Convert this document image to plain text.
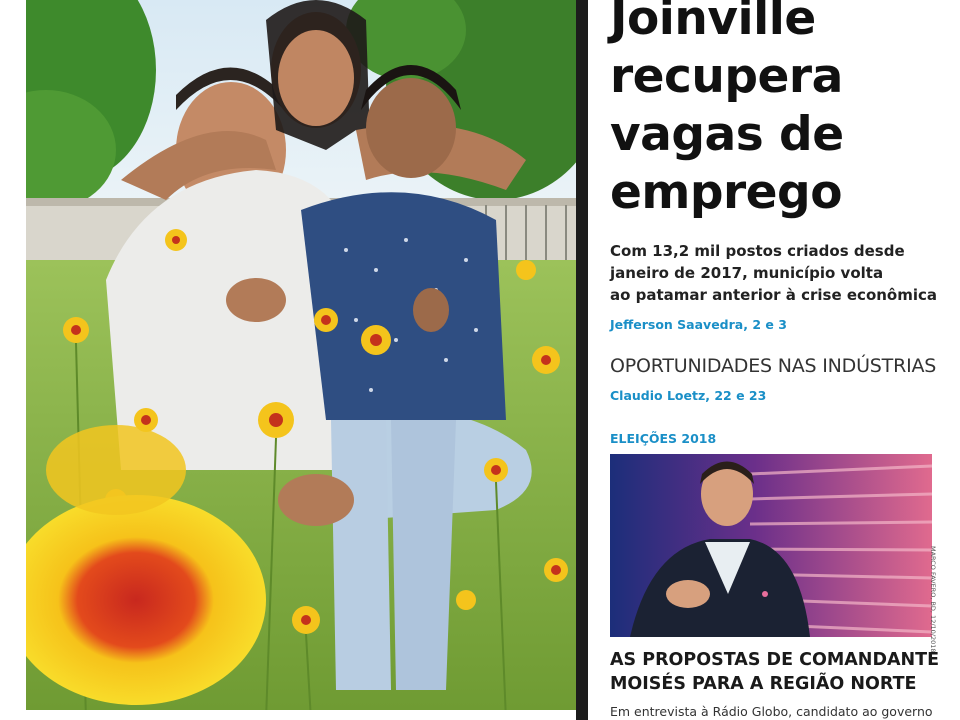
Joinville
recupera
vagas de
emprego
Com 13,2 mil postos criados desde
janeiro de 2017, município volta
ao patamar anterior à crise econômica
Jefferson Saavedra, 2 e 3
OPORTUNIDADES NAS INDÚSTRIAS
Claudio Loetz, 22 e 23
ELEIÇÕES 2018
MARCO FAVERO, BD, 12/10/2018
AS PROPOSTAS DE COMANDANTE
MOISÉS PARA A REGIÃO NORTE
Em entrevista à Rádio Globo, candidato ao governo
